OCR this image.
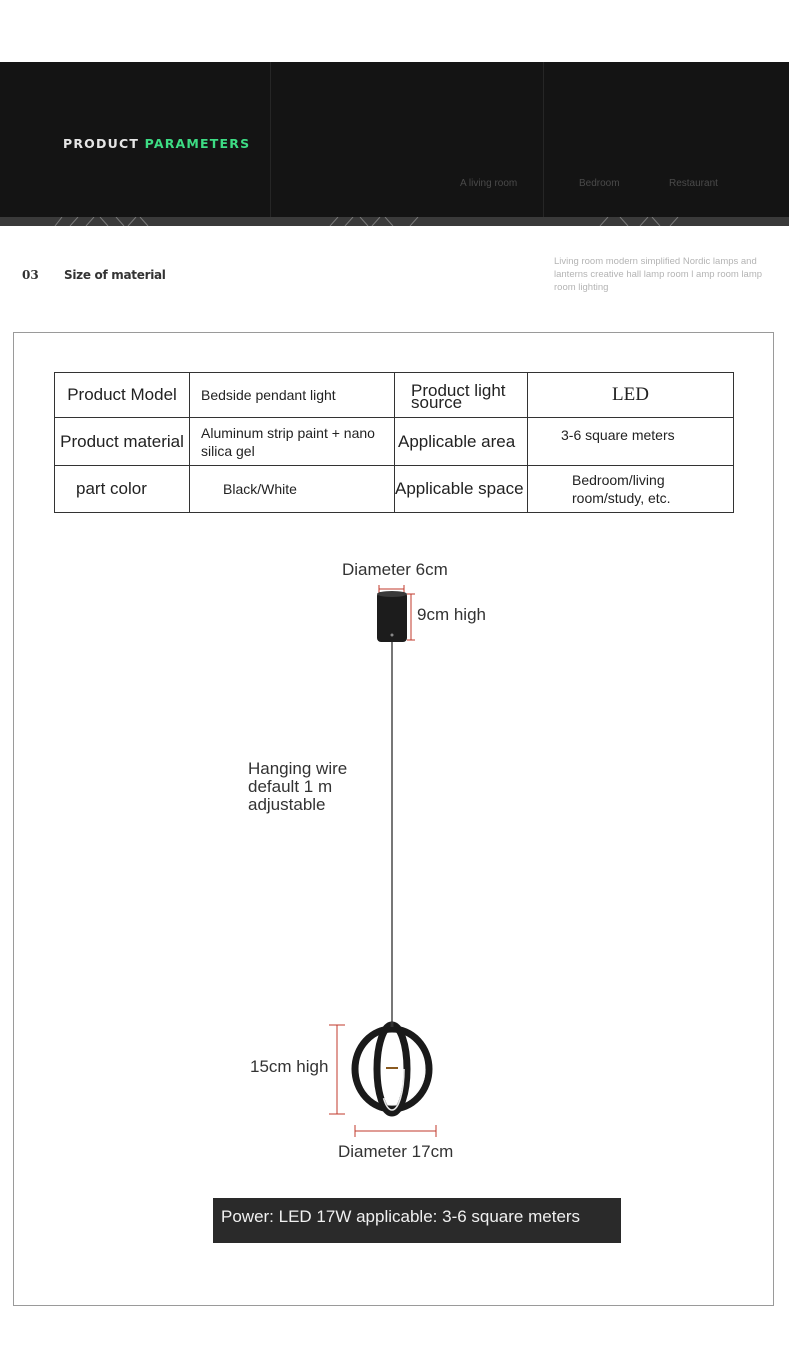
PRODUCT PARAMETERS
A living room	Bedroom	Restaurant
03 Size of material
Living room modern simplified Nordic lamps and lanterns creative hall lamp room l amp room lamp room lighting
Product Model	Bedside pendant light	Product light source	LED
Product material	Aluminum strip paint + nano silica gel	Applicable area	3-6 square meters
part color	Black/White	Applicable space	Bedroom/living room/study, etc.
Diameter 6cm
9cm high
Hanging wire default 1 m adjustable
15cm high
Diameter 17cm
Power: LED 17W applicable: 3-6 square meters
